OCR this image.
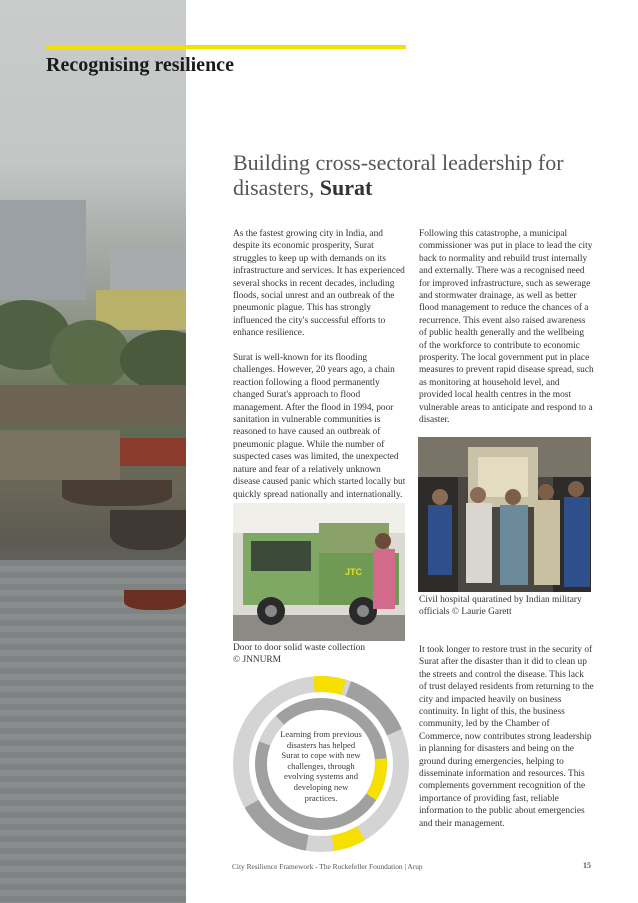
Recognising resilience
Building cross-sectoral leadership for
disasters, Surat

As the fastest growing city in India, and despite its economic prosperity, Surat struggles to keep up with demands on its infrastructure and services. It has experienced several shocks in recent decades, including floods, social unrest and an outbreak of the pneumonic plague. This has strongly influenced the city's successful efforts to enhance resilience.

Surat is well-known for its flooding challenges. However, 20 years ago, a chain reaction following a flood permanently changed Surat's approach to flood management. After the flood in 1994, poor sanitation in vulnerable communities is reasoned to have caused an outbreak of pneumonic plague. While the number of suspected cases was limited, the unexpected nature and fear of a relatively unknown disease caused panic which started locally but quickly spread nationally and internationally.

Following this catastrophe, a municipal commissioner was put in place to lead the city back to normality and rebuild trust internally and externally. There was a recognised need for improved infrastructure, such as sewerage and stormwater drainage, as well as better flood management to reduce the chances of a recurrence. This event also raised awareness of public health generally and the wellbeing of the workforce to contribute to economic prosperity. The local government put in place measures to prevent rapid disease spread, such as monitoring at household level, and provided local health centres in the most vulnerable areas to anticipate and respond to a disaster.

Civil hospital quaratined by Indian military
officials © Laurie Garett
JTC
Door to door solid waste collection
© JNNURM

It took longer to restore trust in the security of Surat after the disaster than it did to clean up the streets and control the disease. This lack of trust delayed residents from returning to the city and impacted heavily on business continuity. In light of this, the business community, led by the Chamber of Commerce, now contributes strong leadership in planning for disasters and being on the ground during emergencies, helping to disseminate information and resources. This complements government recognition of the importance of providing fast, reliable information to the public about emergencies and their management.

Learning from previous disasters has helped Surat to cope with new challenges, through evolving systems and developing new practices.
City Resilience Framework - The Rockefeller Foundation | Arup	15
